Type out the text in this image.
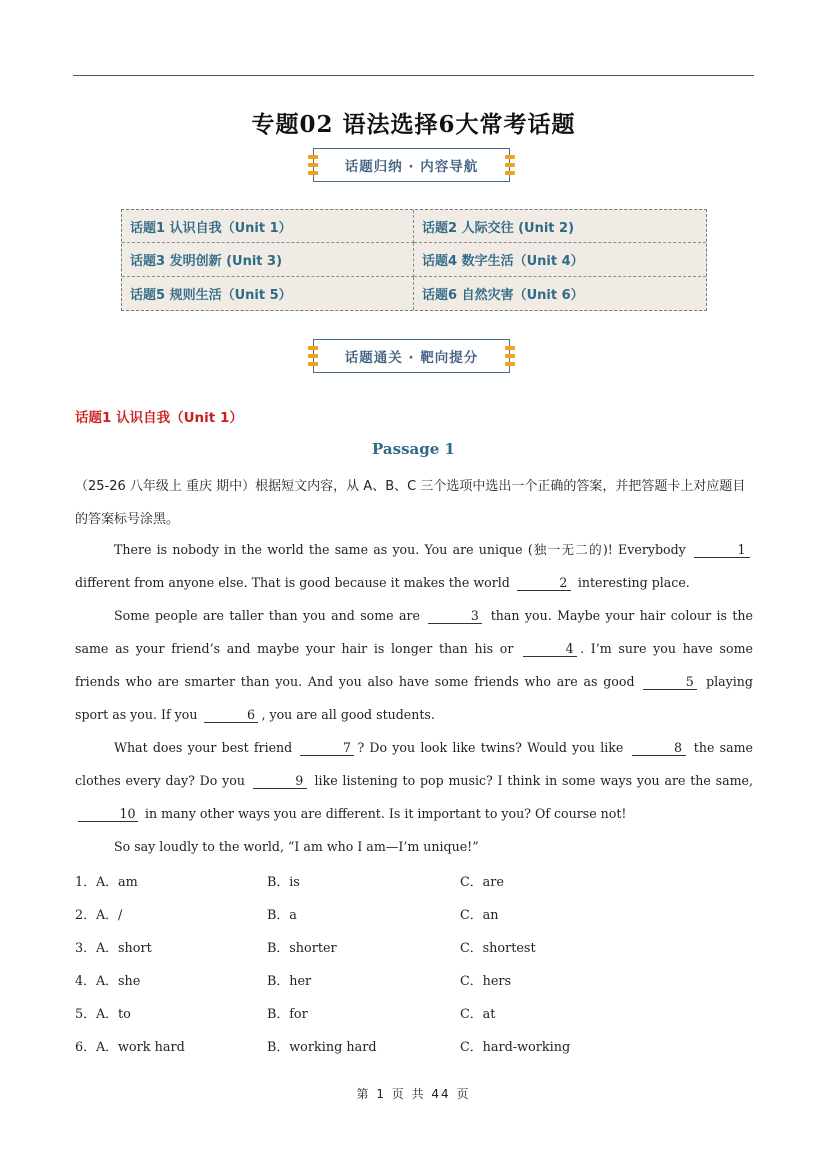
专题02 语法选择6大常考话题
话题归纳 · 内容导航
话题1 认识自我（Unit 1）	话题2 人际交往 (Unit 2)
话题3 发明创新 (Unit 3)	话题4 数字生活（Unit 4）
话题5 规则生活（Unit 5）	话题6 自然灾害（Unit 6）
话题通关 · 靶向提分
话题1 认识自我（Unit 1）
Passage 1
（25-26 八年级上 重庆 期中）根据短文内容，从 A、B、C 三个选项中选出一个正确的答案，并把答题卡上对应题目的答案标号涂黑。

There is nobody in the world the same as you. You are unique (独一无二的)! Everybody	1 different from anyone else. That is good because it makes the world	2 interesting place.

Some people are taller than you and some are	3 than you. Maybe your hair colour is the same as your friend’s and maybe your hair is longer than his or	4 . I’m sure you have some friends who are smarter than you. And you also have some friends who are as good	5 playing sport as you. If you	6 , you are all good students.

What does your best friend	7 ? Do you look like twins? Would you like	8 the same clothes every day? Do you	9 like listening to pop music? I think in some ways you are the same,10 in many other ways you are different. Is it important to you? Of course not!

So say loudly to the world, “I am who I am—I’m unique!”

1．A．am	B．is	C．are
2．A．/	B．a	C．an
3．A．short	B．shorter	C．shortest
4．A．she	B．her	C．hers
5．A．to	B．for	C．at
6．A．work hard	B．working hard	C．hard-working
第 1 页 共 44 页
